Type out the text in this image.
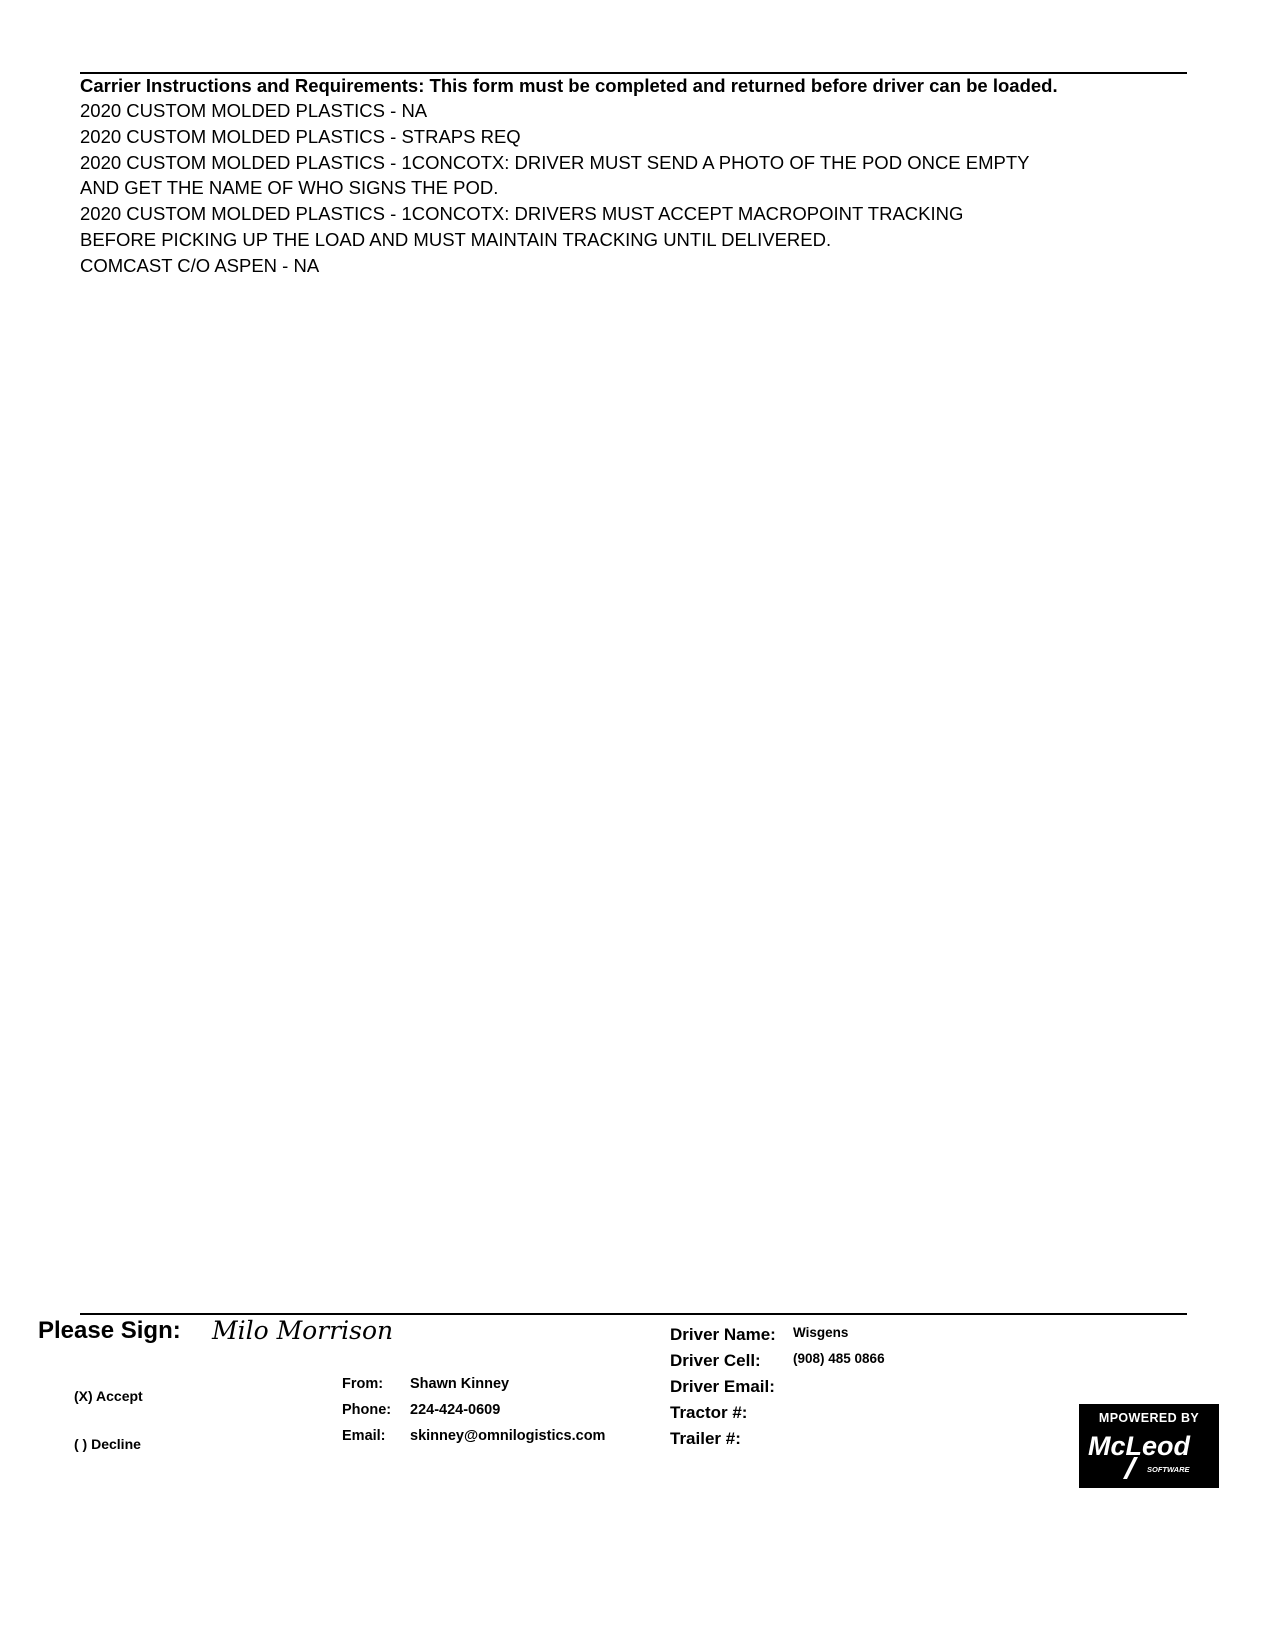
Carrier Instructions and Requirements: This form must be completed and returned before driver can be loaded.

2020 CUSTOM MOLDED PLASTICS - NA

2020 CUSTOM MOLDED PLASTICS - STRAPS REQ

2020 CUSTOM MOLDED PLASTICS - 1CONCOTX: DRIVER MUST SEND A PHOTO OF THE POD ONCE EMPTY

AND GET THE NAME OF WHO SIGNS THE POD.

2020 CUSTOM MOLDED PLASTICS - 1CONCOTX: DRIVERS MUST ACCEPT MACROPOINT TRACKING

BEFORE PICKING UP THE LOAD AND MUST MAINTAIN TRACKING UNTIL DELIVERED.

COMCAST C/O ASPEN - NA

Please Sign: Milo Morrison
(X) Accept
( ) Decline
From: Shawn Kinney
Phone: 224-424-0609
Email: skinney@omnilogistics.com
Driver Name: Wisgens
Driver Cell: (908) 485 0866
Driver Email:
Tractor #:
Trailer #:
MPOWERED BY
McLeod
SOFTWARE
